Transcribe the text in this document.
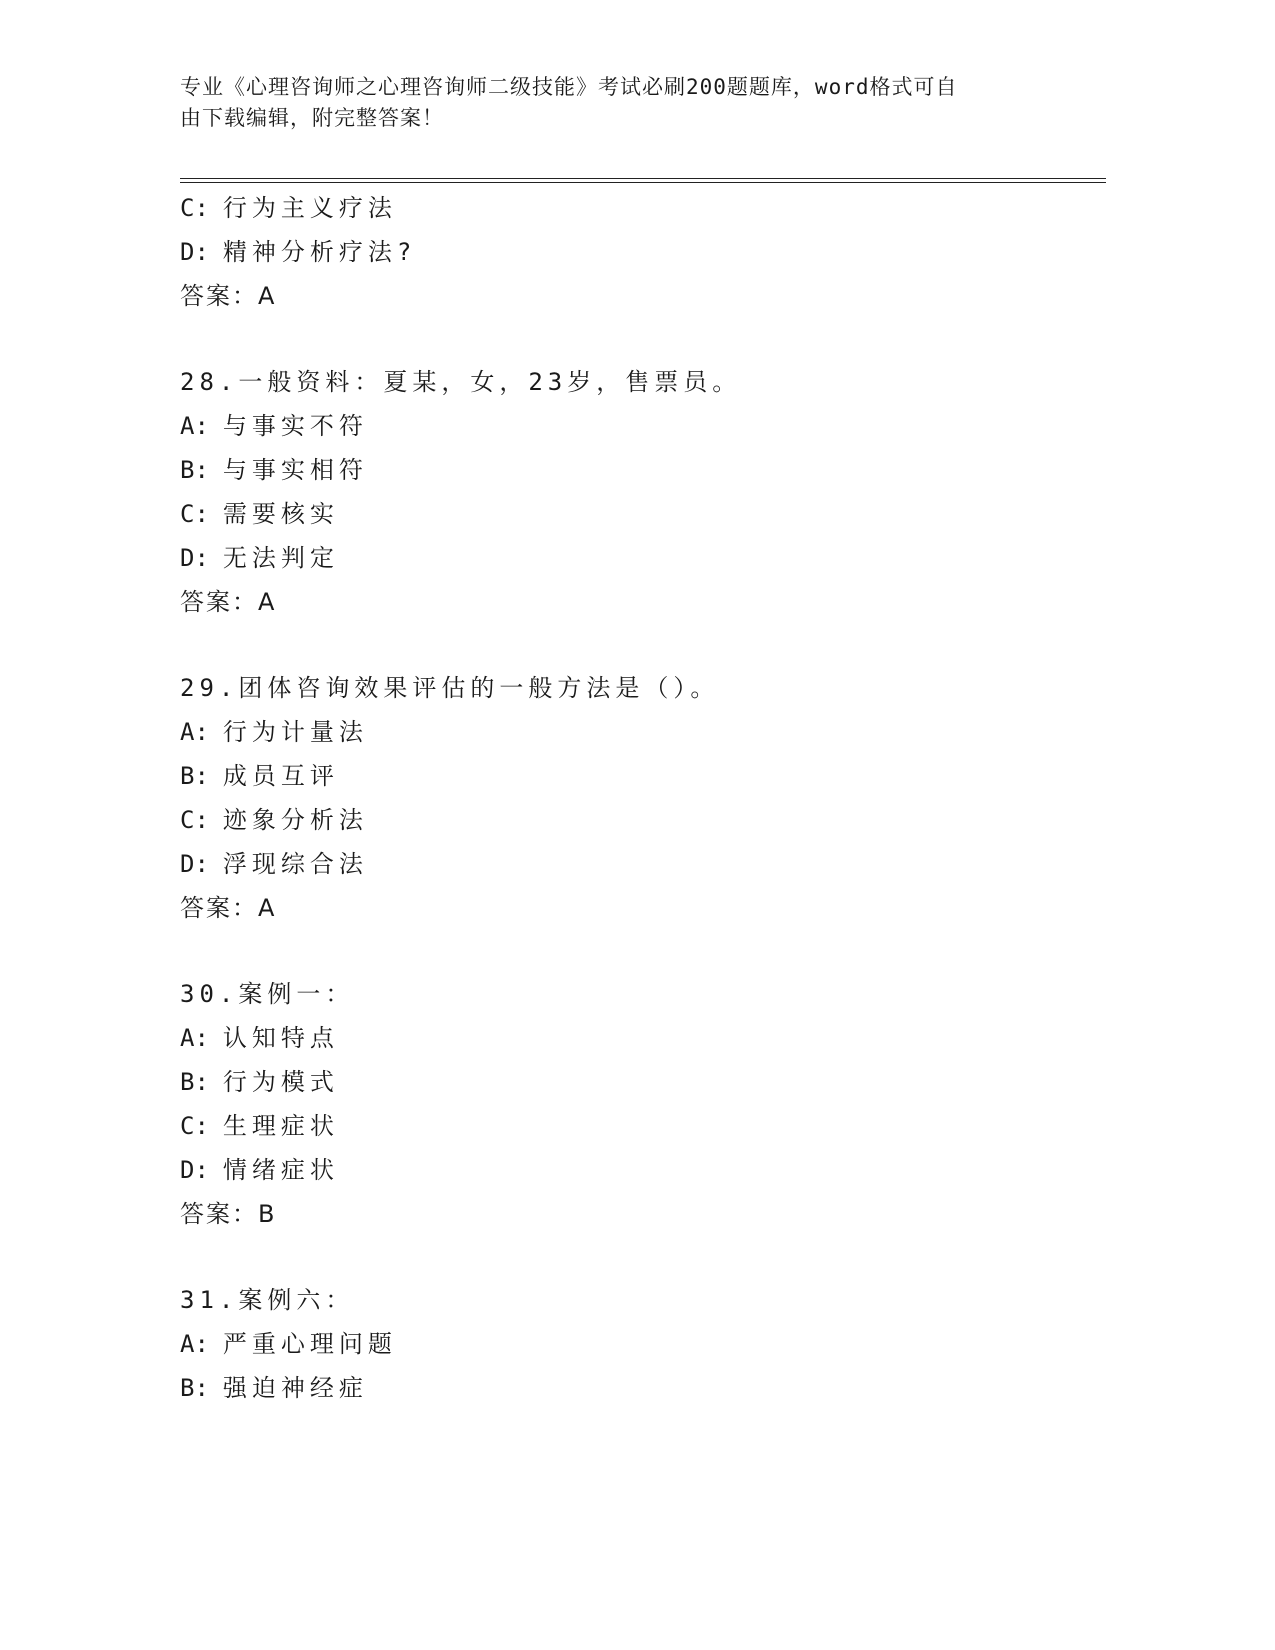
专业《心理咨询师之心理咨询师二级技能》考试必刷200题题库，word格式可自
由下载编辑，附完整答案！
C: 行为主义疗法
D: 精神分析疗法?
答案：A
28.一般资料：夏某，女，23岁，售票员。
A: 与事实不符
B: 与事实相符
C: 需要核实
D: 无法判定
答案：A
29.团体咨询效果评估的一般方法是（）。
A: 行为计量法
B: 成员互评
C: 迹象分析法
D: 浮现综合法
答案：A
30.案例一：
A: 认知特点
B: 行为模式
C: 生理症状
D: 情绪症状
答案：B
31.案例六：
A: 严重心理问题
B: 强迫神经症
